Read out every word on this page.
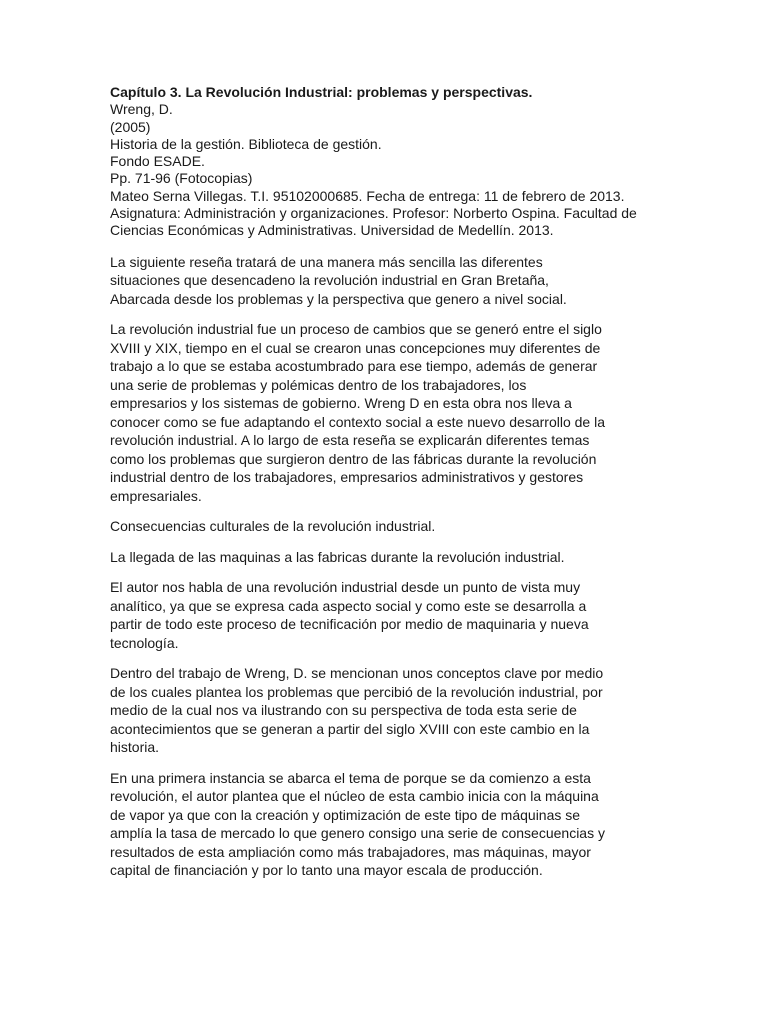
Capítulo 3. La Revolución Industrial: problemas y perspectivas.
Wreng, D.
(2005)
Historia de la gestión. Biblioteca de gestión.
Fondo ESADE.
Pp. 71-96 (Fotocopias)
Mateo Serna Villegas. T.I. 95102000685. Fecha de entrega: 11 de febrero de 2013. Asignatura: Administración y organizaciones. Profesor: Norberto Ospina. Facultad de Ciencias Económicas y Administrativas. Universidad de Medellín. 2013.

La siguiente reseña tratará de una manera más sencilla las diferentes
situaciones que desencadeno la revolución industrial en Gran Bretaña,
Abarcada desde los problemas y la perspectiva que genero a nivel social.

La revolución industrial fue un proceso de cambios que se generó entre el siglo
XVIII y XIX, tiempo en el cual se crearon unas concepciones muy diferentes de
trabajo a lo que se estaba acostumbrado para ese tiempo, además de generar
una serie de problemas y polémicas dentro de los trabajadores, los
empresarios y los sistemas de gobierno. Wreng D en esta obra nos lleva a
conocer como se fue adaptando el contexto social a este nuevo desarrollo de la
revolución industrial. A lo largo de esta reseña se explicarán diferentes temas
como los problemas que surgieron dentro de las fábricas durante la revolución
industrial dentro de los trabajadores, empresarios administrativos y gestores
empresariales.

Consecuencias culturales de la revolución industrial.

La llegada de las maquinas a las fabricas durante la revolución industrial.

El autor nos habla de una revolución industrial desde un punto de vista muy
analítico, ya que se expresa cada aspecto social y como este se desarrolla a
partir de todo este proceso de tecnificación por medio de maquinaria y nueva
tecnología.

Dentro del trabajo de Wreng, D. se mencionan unos conceptos clave por medio
de los cuales plantea los problemas que percibió de la revolución industrial, por
medio de la cual nos va ilustrando con su perspectiva de toda esta serie de
acontecimientos que se generan a partir del siglo XVIII con este cambio en la
historia.

En una primera instancia se abarca el tema de porque se da comienzo a esta
revolución, el autor plantea que el núcleo de esta cambio inicia con la máquina
de vapor ya que con la creación y optimización de este tipo de máquinas se
amplía la tasa de mercado lo que genero consigo una serie de consecuencias y
resultados de esta ampliación como más trabajadores, mas máquinas, mayor
capital de financiación y por lo tanto una mayor escala de producción.
